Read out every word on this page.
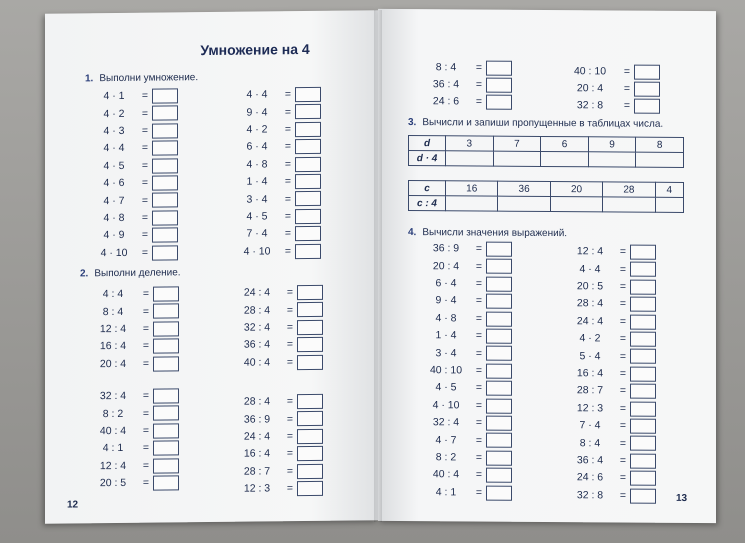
Умножение на 4
1. Выполни умножение.
4 · 1 =
4 · 2 =
4 · 3 =
4 · 4 =
4 · 5 =
4 · 6 =
4 · 7 =
4 · 8 =
4 · 9 =
4 · 10 =
4 · 4 =
9 · 4 =
4 · 2 =
6 · 4 =
4 · 8 =
1 · 4 =
3 · 4 =
4 · 5 =
7 · 4 =
4 · 10 =
2. Выполни деление.
4 : 4 =
8 : 4 =
12 : 4 =
16 : 4 =
20 : 4 =
24 : 4 =
28 : 4 =
32 : 4 =
36 : 4 =
40 : 4 =
32 : 4 =
8 : 2 =
40 : 4 =
4 : 1 =
12 : 4 =
20 : 5 =
28 : 4 =
36 : 9 =
24 : 4 =
16 : 4 =
28 : 7 =
12 : 3 =
12
8 : 4 =
36 : 4 =
24 : 6 =
40 : 10 =
20 : 4 =
32 : 8 =
3. Вычисли и запиши пропущенные в таблицах числа.
d	3	7	6	9	8
d · 4					
c	16	36	20	28	4
c : 4					
4. Вычисли значения выражений.
36 : 9 =
20 : 4 =
6 · 4 =
9 · 4 =
4 · 8 =
1 · 4 =
3 · 4 =
40 : 10 =
4 · 5 =
4 · 10 =
32 : 4 =
4 · 7 =
8 : 2 =
40 : 4 =
4 : 1 =
12 : 4 =
4 · 4 =
20 : 5 =
28 : 4 =
24 : 4 =
4 · 2 =
5 · 4 =
16 : 4 =
28 : 7 =
12 : 3 =
7 · 4 =
8 : 4 =
36 : 4 =
24 : 6 =
32 : 8 =	13
